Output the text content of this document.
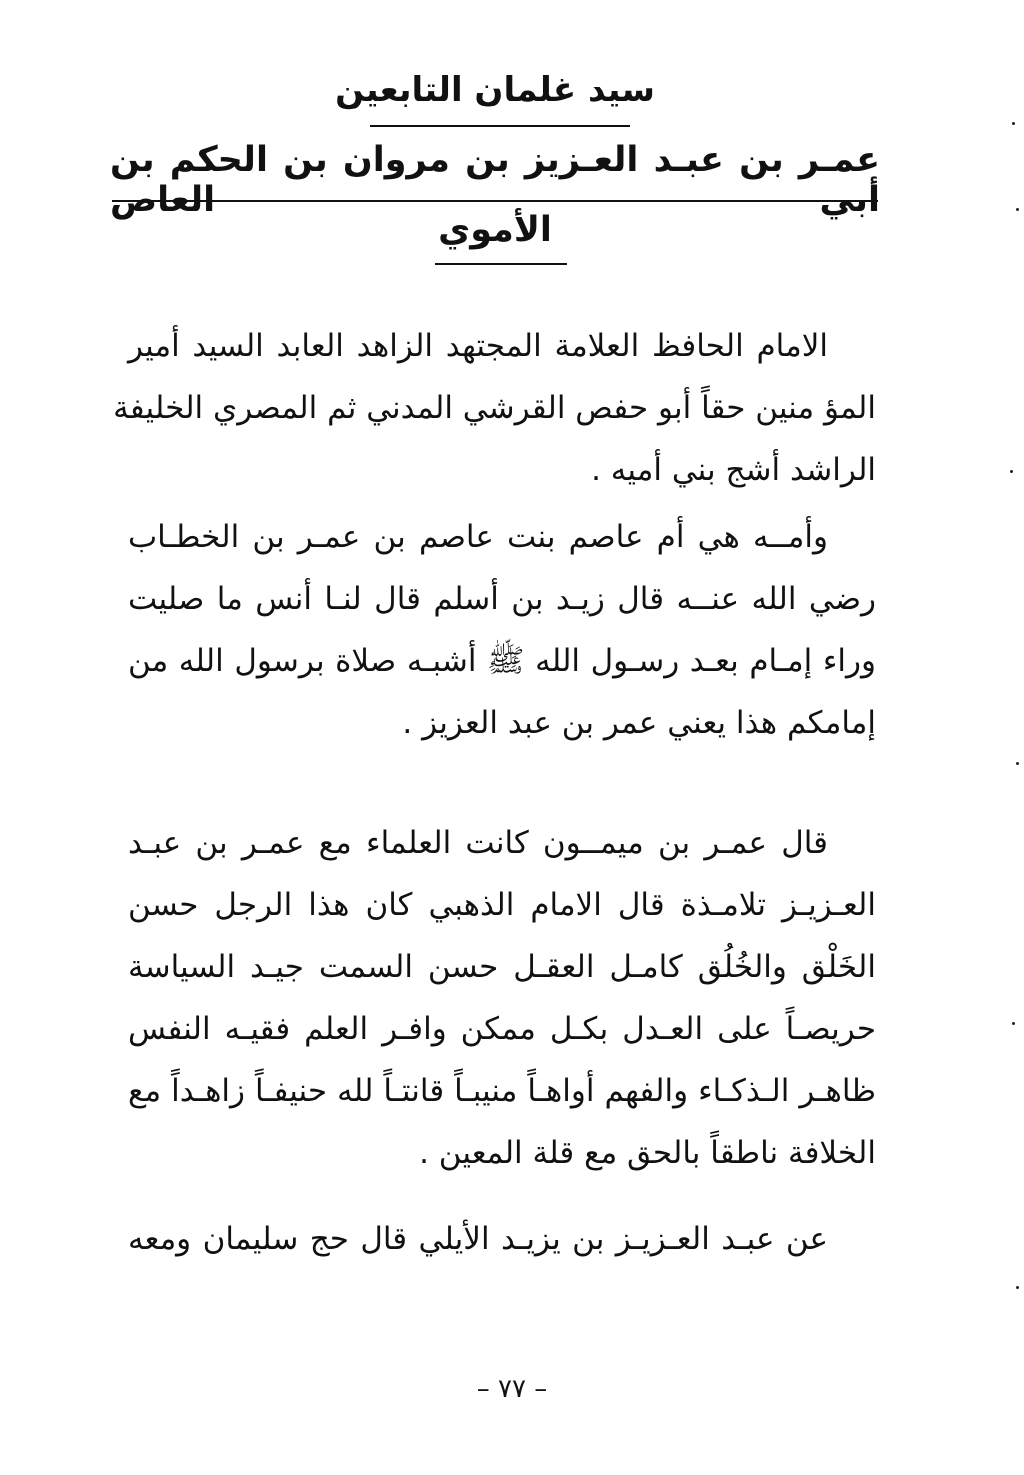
سيد غلمان التابعين
عمـر بن عبـد العـزيز بن مروان بن الحكم بن أبي العاص
الأموي
الامام الحافظ العلامة المجتهد الزاهد العابد السيد أمير
المؤ منين حقاً أبو حفص القرشي المدني ثم المصري الخليفة
الراشد أشج بني أميه .
وأمــه هي أم عاصم بنت عاصم بن عمـر بن الخطـاب
رضي الله عنــه قال زيـد بن أسلم قال لنـا أنس ما صليت
وراء إمـام بعـد رسـول الله ﷺ أشبـه صلاة برسول الله من
إمامكم هذا يعني عمر بن عبد العزيز .
قال عمـر بن ميمــون كانت العلماء مع عمـر بن عبـد
العـزيـز تلامـذة قال الامام الذهبي كان هذا الرجل حسن
الخَلْق والخُلُق كامـل العقـل حسن السمت جيـد السياسة
حريصـاً على العـدل بكـل ممكن وافـر العلم فقيـه النفس
ظاهـر الـذكـاء والفهم أواهـاً منيبـاً قانتـاً لله حنيفـاً زاهـداً مع
الخلافة ناطقاً بالحق مع قلة المعين .
عن عبـد العـزيـز بن يزيـد الأيلي قال حج سليمان ومعه
– ٧٧ –
